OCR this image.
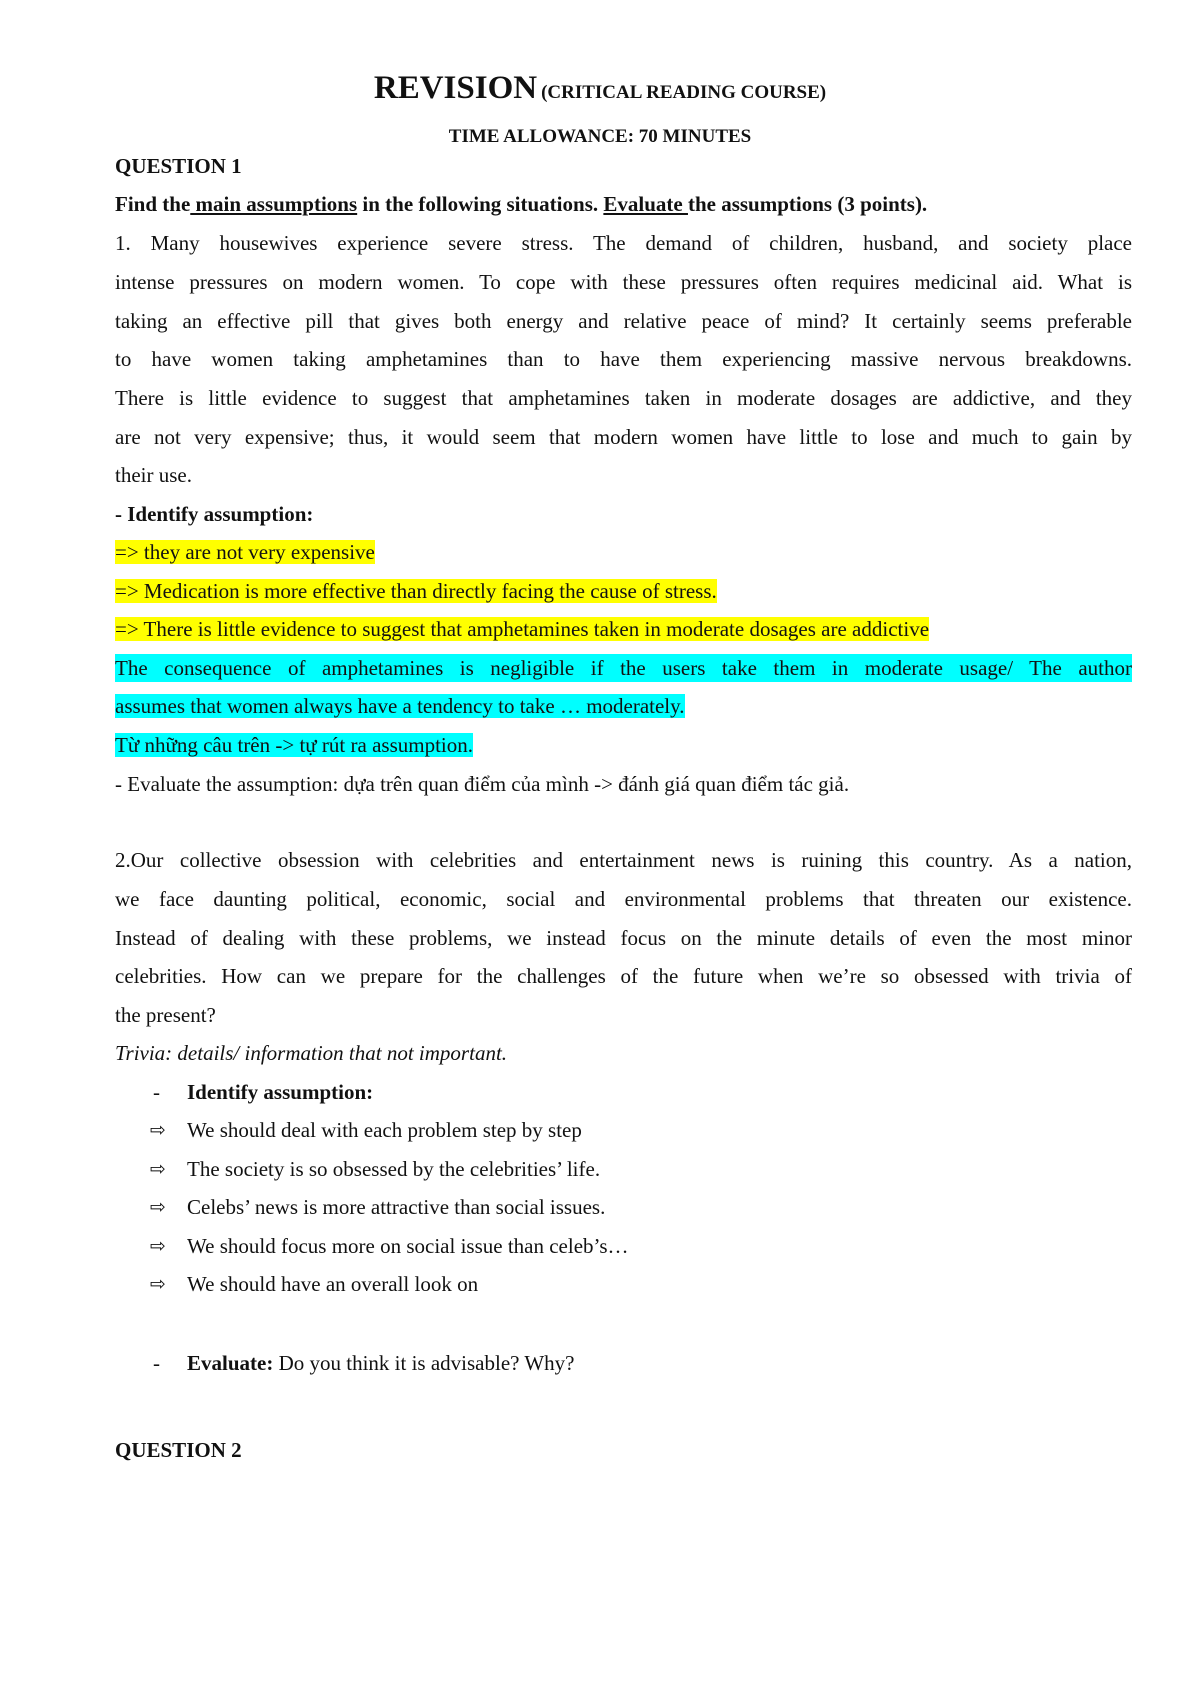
REVISION (CRITICAL READING COURSE)
TIME ALLOWANCE: 70 MINUTES
QUESTION 1
Find the main assumptions in the following situations. Evaluate the assumptions (3 points).
1. Many housewives experience severe stress. The demand of children, husband, and society place
intense pressures on modern women. To cope with these pressures often requires medicinal aid. What is
taking an effective pill that gives both energy and relative peace of mind? It certainly seems preferable
to have women taking amphetamines than to have them experiencing massive nervous breakdowns.
There is little evidence to suggest that amphetamines taken in moderate dosages are addictive, and they
are not very expensive; thus, it would seem that modern women have little to lose and much to gain by
their use.
- Identify assumption:
=> they are not very expensive
=> Medication is more effective than directly facing the cause of stress.
=> There is little evidence to suggest that amphetamines taken in moderate dosages are addictive
The consequence of amphetamines is negligible if the users take them in moderate usage/ The author
assumes that women always have a tendency to take … moderately.
Từ những câu trên -> tự rút ra assumption.
- Evaluate the assumption: dựa trên quan điểm của mình -> đánh giá quan điểm tác giả.
2.Our collective obsession with celebrities and entertainment news is ruining this country. As a nation,
we face daunting political, economic, social and environmental problems that threaten our existence.
Instead of dealing with these problems, we instead focus on the minute details of even the most minor
celebrities. How can we prepare for the challenges of the future when we’re so obsessed with trivia of
the present?
Trivia: details/ information that not important.
- Identify assumption:
⇨ We should deal with each problem step by step
⇨ The society is so obsessed by the celebrities’ life.
⇨ Celebs’ news is more attractive than social issues.
⇨ We should focus more on social issue than celeb’s…
⇨ We should have an overall look on
- Evaluate: Do you think it is advisable? Why?
QUESTION 2
